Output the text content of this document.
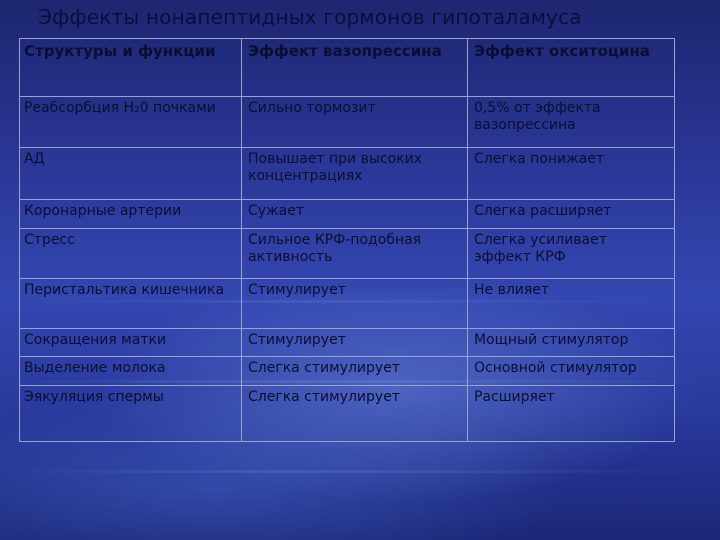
Эффекты нонапептидных гормонов гипоталамуса
Структуры и функции	Эффект вазопрессина	Эффект окситоцина
Реабсорбция Н₂0 почками	Сильно тормозит	0,5% от эффекта вазопрессина
АД	Повышает при высоких концентрациях	Слегка понижает
Коронарные артерии	Сужает	Слегка расширяет
Стресс	Сильное КРФ-подобная активность	Слегка усиливает эффект КРФ
Перистальтика кишечника	Стимулирует	Не влияет
Сокращения матки	Стимулирует	Мощный стимулятор
Выделение молока	Слегка стимулирует	Основной стимулятор
Эякуляция спермы	Слегка стимулирует	Расширяет
